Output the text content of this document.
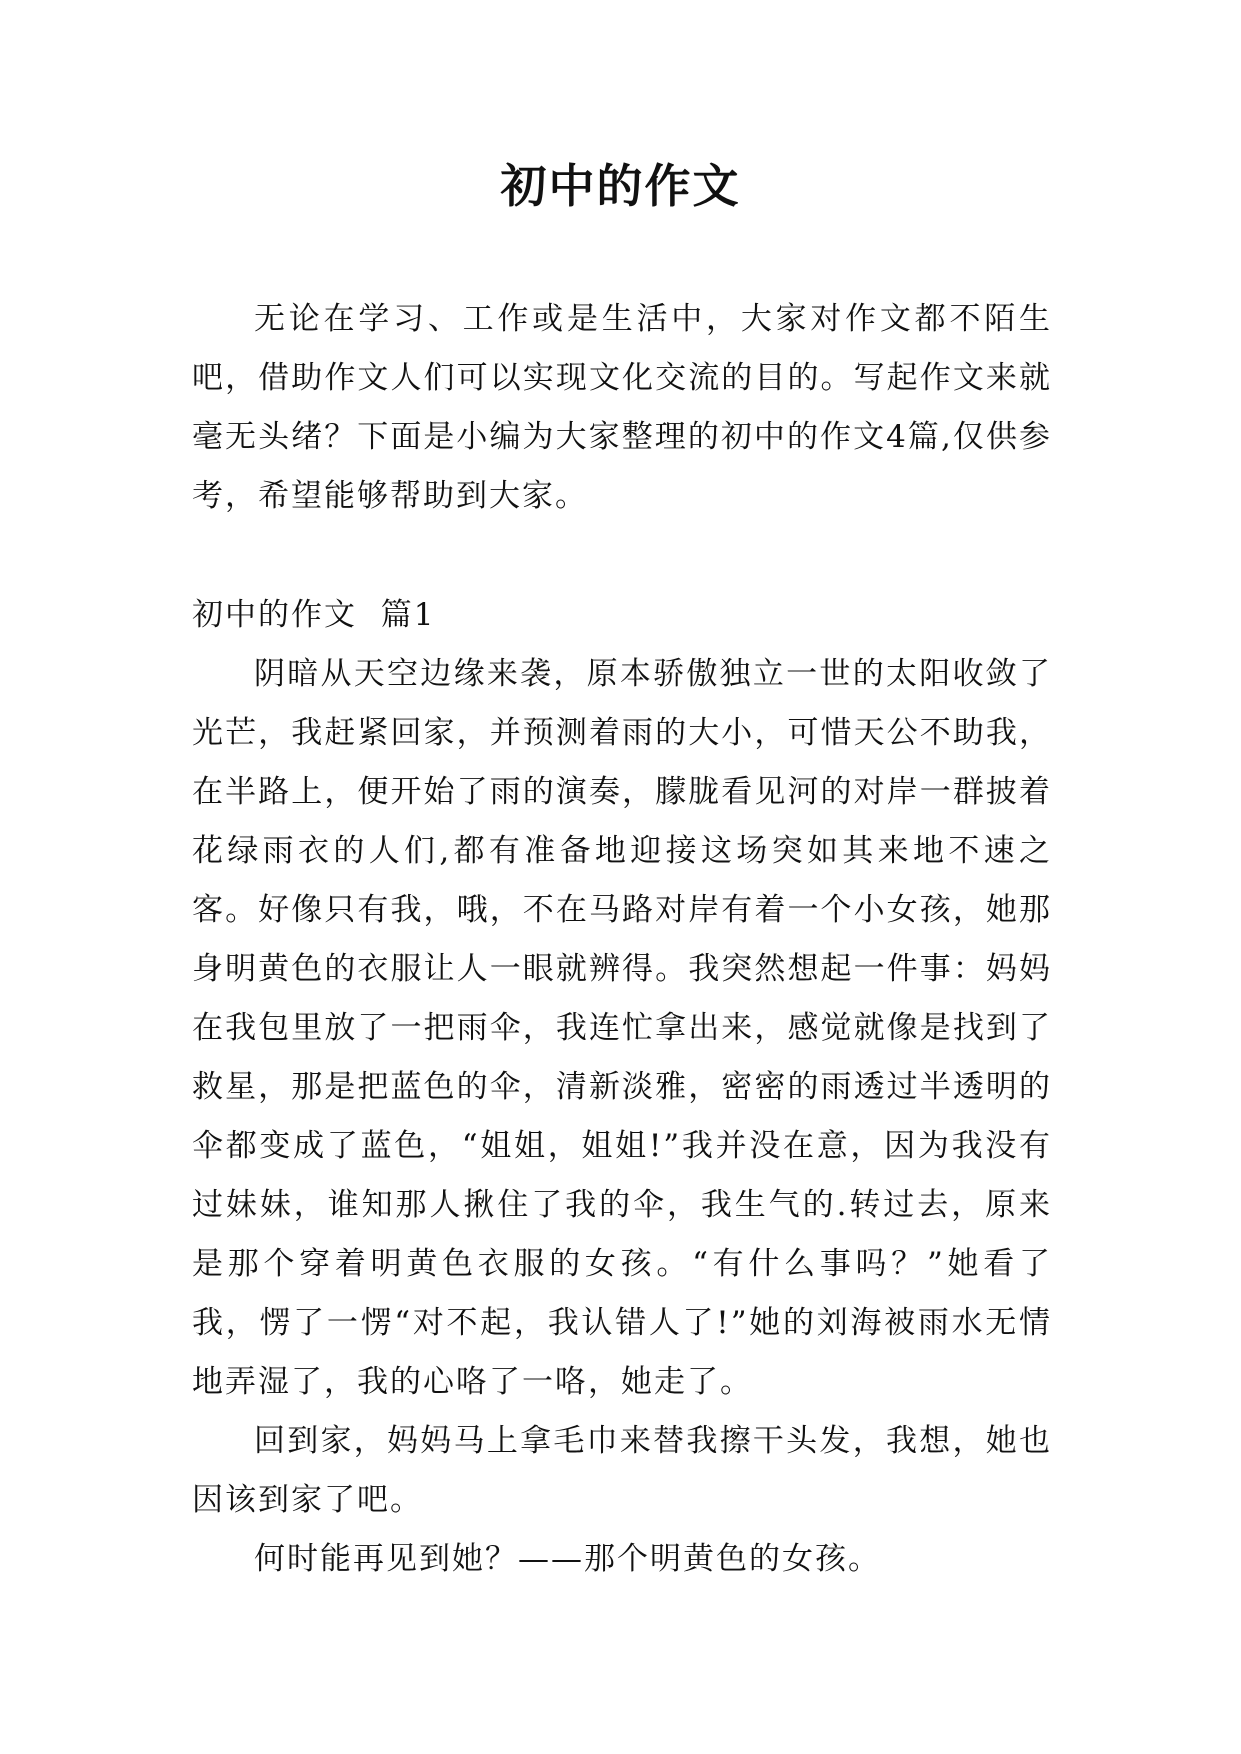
初中的作文

无论在学习、工作或是生活中，大家对作文都不陌生吧，借助作文人们可以实现文化交流的目的。写起作文来就毫无头绪？下面是小编为大家整理的初中的作文4篇,仅供参考，希望能够帮助到大家。

初中的作文  篇1

阴暗从天空边缘来袭，原本骄傲独立一世的太阳收敛了光芒，我赶紧回家，并预测着雨的大小，可惜天公不助我，在半路上，便开始了雨的演奏，朦胧看见河的对岸一群披着花绿雨衣的人们,都有准备地迎接这场突如其来地不速之客。好像只有我，哦，不在马路对岸有着一个小女孩，她那身明黄色的衣服让人一眼就辨得。我突然想起一件事：妈妈在我包里放了一把雨伞，我连忙拿出来，感觉就像是找到了救星，那是把蓝色的伞，清新淡雅，密密的雨透过半透明的伞都变成了蓝色，“姐姐，姐姐!”我并没在意，因为我没有过妹妹，谁知那人揪住了我的伞，我生气的.转过去，原来是那个穿着明黄色衣服的女孩。“有什么事吗？”她看了我，愣了一愣“对不起，我认错人了!”她的刘海被雨水无情地弄湿了，我的心咯了一咯，她走了。

回到家，妈妈马上拿毛巾来替我擦干头发，我想，她也因该到家了吧。

何时能再见到她？——那个明黄色的女孩。
